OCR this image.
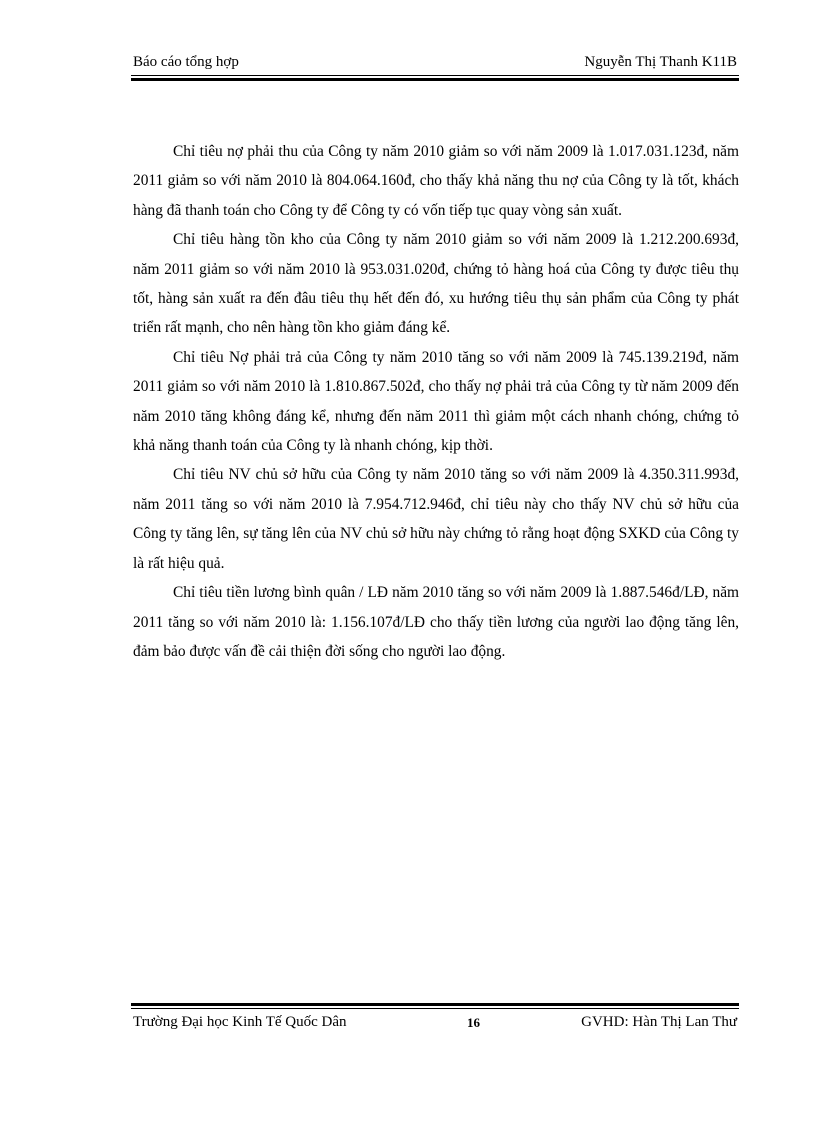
Báo cáo tổng hợp	Nguyễn Thị Thanh K11B

Chỉ tiêu nợ phải thu của Công ty năm 2010 giảm so với năm 2009 là 1.017.031.123đ, năm 2011 giảm so với năm 2010 là 804.064.160đ, cho thấy khả năng thu nợ của Công ty là tốt, khách hàng đã thanh toán cho Công ty để Công ty có vốn tiếp tục quay vòng sản xuất.

Chỉ tiêu hàng tồn kho của Công ty năm 2010 giảm so với năm 2009 là 1.212.200.693đ, năm 2011 giảm so với năm 2010 là 953.031.020đ, chứng tỏ hàng hoá của Công ty được tiêu thụ tốt, hàng sản xuất ra đến đâu tiêu thụ hết đến đó, xu hướng tiêu thụ sản phẩm của Công ty phát triển rất mạnh, cho nên hàng tồn kho giảm đáng kể.

Chỉ tiêu Nợ phải trả của Công ty năm 2010 tăng so với năm 2009 là 745.139.219đ, năm 2011 giảm so với năm 2010 là 1.810.867.502đ, cho thấy nợ phải trả của Công ty từ năm 2009 đến năm 2010 tăng không đáng kể, nhưng đến năm 2011 thì giảm một cách nhanh chóng, chứng tỏ khả năng thanh toán của Công ty là nhanh chóng, kịp thời.

Chỉ tiêu NV chủ sở hữu của Công ty năm 2010 tăng so với năm 2009 là 4.350.311.993đ, năm 2011 tăng so với năm 2010 là 7.954.712.946đ, chỉ tiêu này cho thấy NV chủ sở hữu của Công ty tăng lên, sự tăng lên của NV chủ sở hữu này chứng tỏ rằng hoạt động SXKD của Công ty là rất hiệu quả.

Chỉ tiêu tiền lương bình quân / LĐ năm 2010 tăng so với năm 2009 là 1.887.546đ/LĐ, năm 2011 tăng so với năm 2010 là: 1.156.107đ/LĐ cho thấy tiền lương của người lao động tăng lên, đảm bảo được vấn đề cải thiện đời sống cho người lao động.

Trường Đại học Kinh Tế Quốc Dân	16	GVHD: Hàn Thị Lan Thư
